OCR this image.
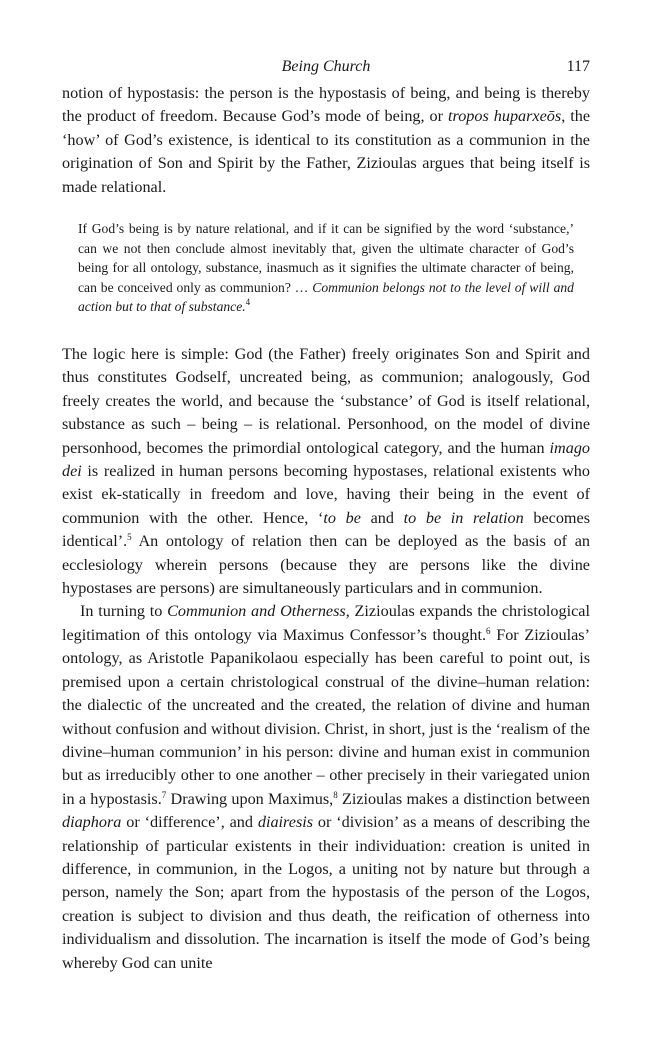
Being Church	117

notion of hypostasis: the person is the hypostasis of being, and being is thereby the product of freedom. Because God’s mode of being, or tropos huparxeōs, the ‘how’ of God’s existence, is identical to its constitution as a communion in the origination of Son and Spirit by the Father, Zizioulas argues that being itself is made relational.

If God’s being is by nature relational, and if it can be signified by the word ‘substance,’ can we not then conclude almost inevitably that, given the ultimate character of God’s being for all ontology, substance, inasmuch as it signifies the ultimate character of being, can be conceived only as communion? … Communion belongs not to the level of will and action but to that of substance.$^4$

The logic here is simple: God (the Father) freely originates Son and Spirit and thus constitutes Godself, uncreated being, as communion; analogously, God freely creates the world, and because the ‘substance’ of God is itself relational, substance as such – being – is relational. Personhood, on the model of divine personhood, becomes the primordial ontological category, and the human imago dei is realized in human persons becoming hypostases, relational existents who exist ek-statically in freedom and love, having their being in the event of communion with the other. Hence, ‘to be and to be in relation becomes identical’.$^5$ An ontology of relation then can be deployed as the basis of an ecclesiology wherein persons (because they are persons like the divine hypostases are persons) are simultaneously particulars and in communion.

In turning to Communion and Otherness, Zizioulas expands the christological legitimation of this ontology via Maximus Confessor’s thought.$^6$ For Zizioulas’ ontology, as Aristotle Papanikolaou especially has been careful to point out, is premised upon a certain christological construal of the divine–human relation: the dialectic of the uncreated and the created, the relation of divine and human without confusion and without division. Christ, in short, just is the ‘realism of the divine–human communion’ in his person: divine and human exist in communion but as irreducibly other to one another – other precisely in their variegated union in a hypostasis.$^7$ Drawing upon Maximus,$^8$ Zizioulas makes a distinction between diaphora or ‘difference’, and diairesis or ‘division’ as a means of describing the relationship of particular existents in their individuation: creation is united in difference, in communion, in the Logos, a uniting not by nature but through a person, namely the Son; apart from the hypostasis of the person of the Logos, creation is subject to division and thus death, the reification of otherness into individualism and dissolution. The incarnation is itself the mode of God’s being whereby God can unite
